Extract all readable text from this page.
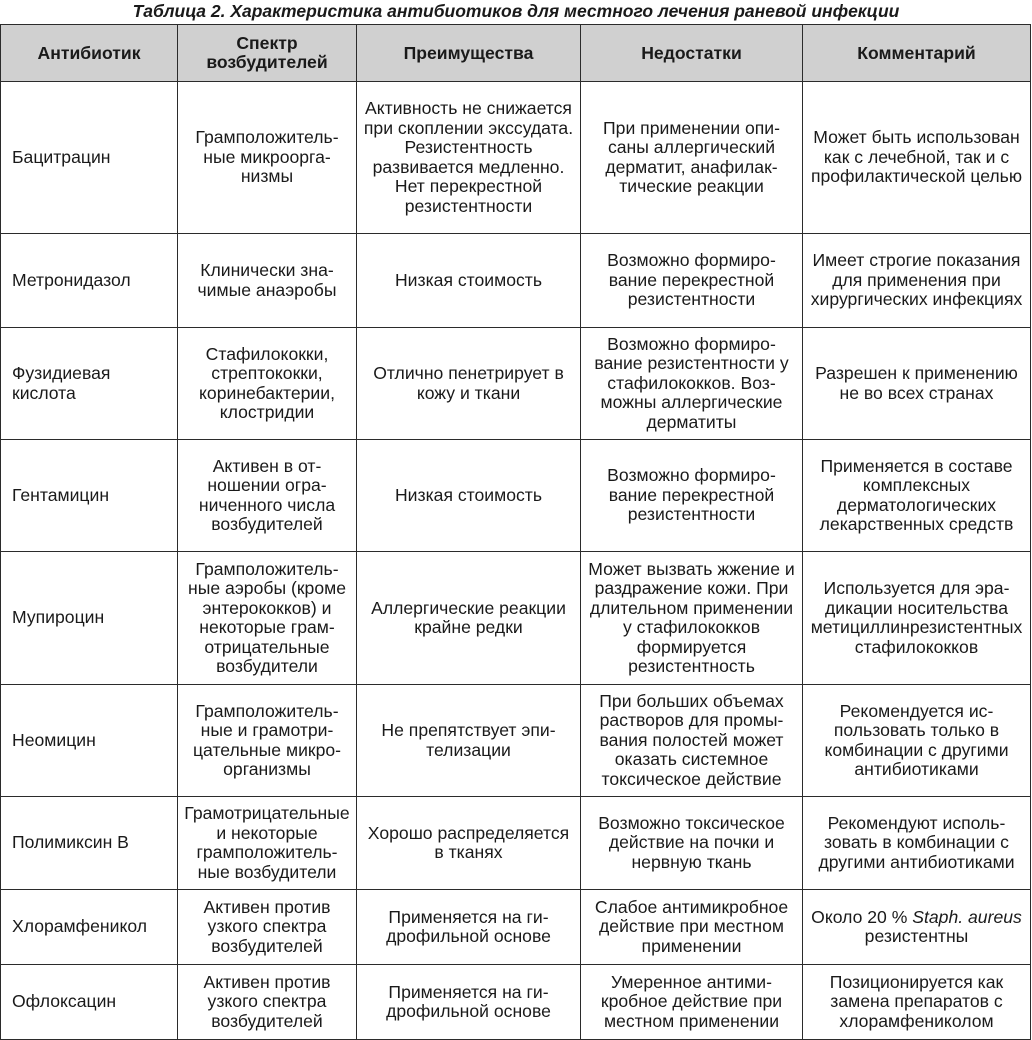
Таблица 2. Характеристика антибиотиков для местного лечения раневой инфекции
Антибиотик	Спектр возбудителей	Преимущества	Недостатки	Комментарий
Бацитрацин	Грамположительные микроорганизмы	Активность не снижается при скоплении экссудата. Резистентность развивается медленно. Нет перекрестной резистентности	При применении описаны аллергический дерматит, анафилактические реакции	Может быть использован как с лечебной, так и с профилактической целью
Метронидазол	Клинически значимые анаэробы	Низкая стоимость	Возможно формирование перекрестной резистентности	Имеет строгие показания для применения при хирургических инфекциях
Фузидиевая кислота	Стафилококки, стрептококки, коринебактерии, клостридии	Отлично пенетрирует в кожу и ткани	Возможно формирование резистентности у стафилококков. Возможны аллергические дерматиты	Разрешен к применению не во всех странах
Гентамицин	Активен в отношении ограниченного числа возбудителей	Низкая стоимость	Возможно формирование перекрестной резистентности	Применяется в составе комплексных дерматологических лекарственных средств
Мупироцин	Грамположительные аэробы (кроме энтерококков) и некоторые грамотрицательные возбудители	Аллергические реакции крайне редки	Может вызвать жжение и раздражение кожи. При длительном применении у стафилококков формируется резистентность	Используется для эрадикации носительства метициллинрезистентных стафилококков
Неомицин	Грамположительные и грамотрицательные микроорганизмы	Не препятствует эпителизации	При больших объемах растворов для промывания полостей может оказать системное токсическое действие	Рекомендуется использовать только в комбинации с другими антибиотиками
Полимиксин В	Грамотрицательные и некоторые грамположительные возбудители	Хорошо распределяется в тканях	Возможно токсическое действие на почки и нервную ткань	Рекомендуют использовать в комбинации с другими антибиотиками
Хлорамфеникол	Активен против узкого спектра возбудителей	Применяется на гидрофильной основе	Слабое антимикробное действие при местном применении	Около 20 % Staph. aureus резистентны
Офлоксацин	Активен против узкого спектра возбудителей	Применяется на гидрофильной основе	Умеренное антимикробное действие при местном применении	Позиционируется как замена препаратов с хлорамфениколом
